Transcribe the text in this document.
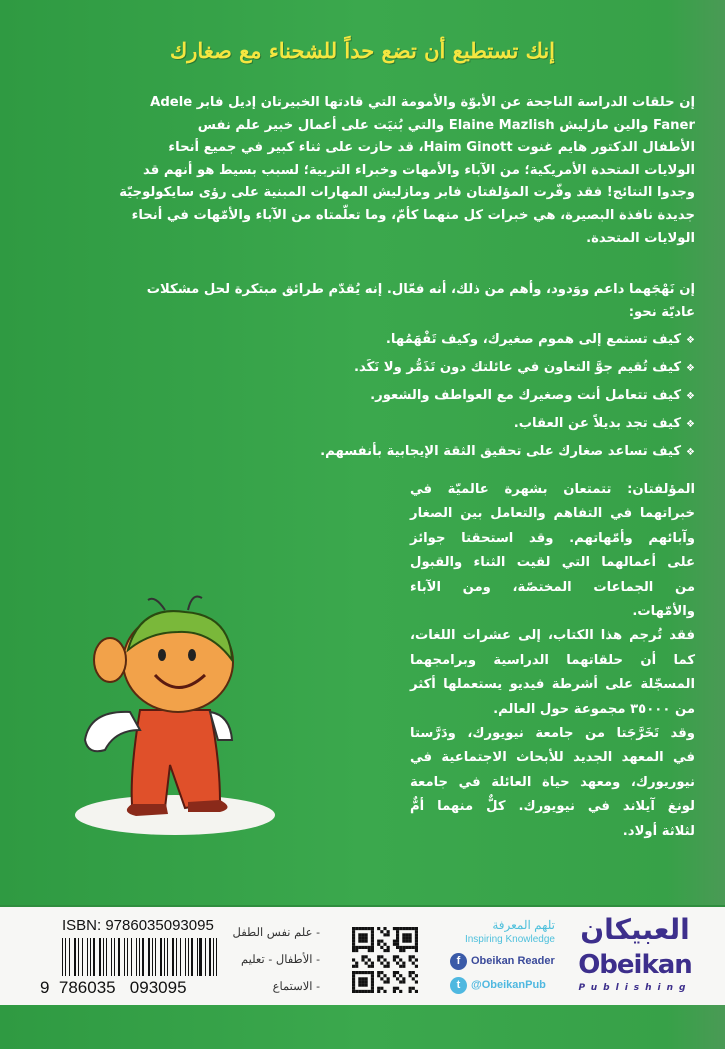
إنك تستطيع أن تضع حداً للشحناء مع صغارك
إن حلقات الدراسة الناجحة عن الأبوّة والأمومة التي قادتها الخبيرتان إديل فابر Adele
Faner والين مازليش Elaine Mazlish والتي بُنيَت على أعمال خبير علم نفس
الأطفال الدكتور هايم غنوت Haim Ginott، قد حازت على ثناء كبير في جميع أنحاء
الولايات المتحدة الأمريكية؛ من الآباء والأمهات وخبراء التربية؛ لسبب بسيط هو أنهم قد
وجدوا النتائج! فقد وفّرت المؤلفتان فابر ومازليش المهارات المبنية على رؤى سايكولوجيّة
جديدة نافذة البصيرة، هي خبرات كل منهما كأمّ، وما تعلّمتاه من الآباء والأمّهات في أنحاء
الولايات المتحدة.
إن نَهْجَهما داعم ووَدود، وأهم من ذلك، أنه فعّال. إنه يُقدّم طرائق مبتكرة لحل مشكلات
عاديّة نحو:
❖كيف تستمع إلى هموم صغيرك، وكيف تَفْهَمُها.
❖كيف تُقيم جوَّ التعاون في عائلتك دون تَذَمُّر ولا نَكَد.
❖كيف تتعامل أنت وصغيرك مع العواطف والشعور.
❖كيف تجد بديلاً عن العقاب.
❖كيف تساعد صغارك على تحقيق الثقة الإيجابية بأنفسهم.
المؤلفتان: تتمتعان بشهرة عالميّة في
خبراتهما في التفاهم والتعامل بين الصغار
وآبائهم وأمّهاتهم. وقد استحقتا جوائز
على أعمالهما التي لقيت الثناء والقبول
من الجماعات المختصّة، ومن الآباء
والأمّهات.
فقد تُرجم هذا الكتاب، إلى عشرات اللغات،
كما أن حلقاتهما الدراسية وبرامجهما
المسجّلة على أشرطة فيديو يستعملها أكثر
من ٣٥٠٠٠ مجموعة حول العالم.
وقد تَخَرَّجَتا من جامعة نيويورك، ودَرَّستا
في المعهد الجديد للأبحاث الاجتماعية في
نيوريورك، ومعهد حياة العائلة في جامعة
لونغ آيلاند في نيويورك. كلٌّ منهما أمٌّ
لثلاثة أولاد.
ISBN: 9786035093095
9  786035   093095
- علم نفس الطفل
- الأطفال - تعليم
- الاستماع
تلهم المعرفة
Inspiring Knowledge
f Obeikan Reader
t @ObeikanPub
العبيكان
Obeikan
Publishing
